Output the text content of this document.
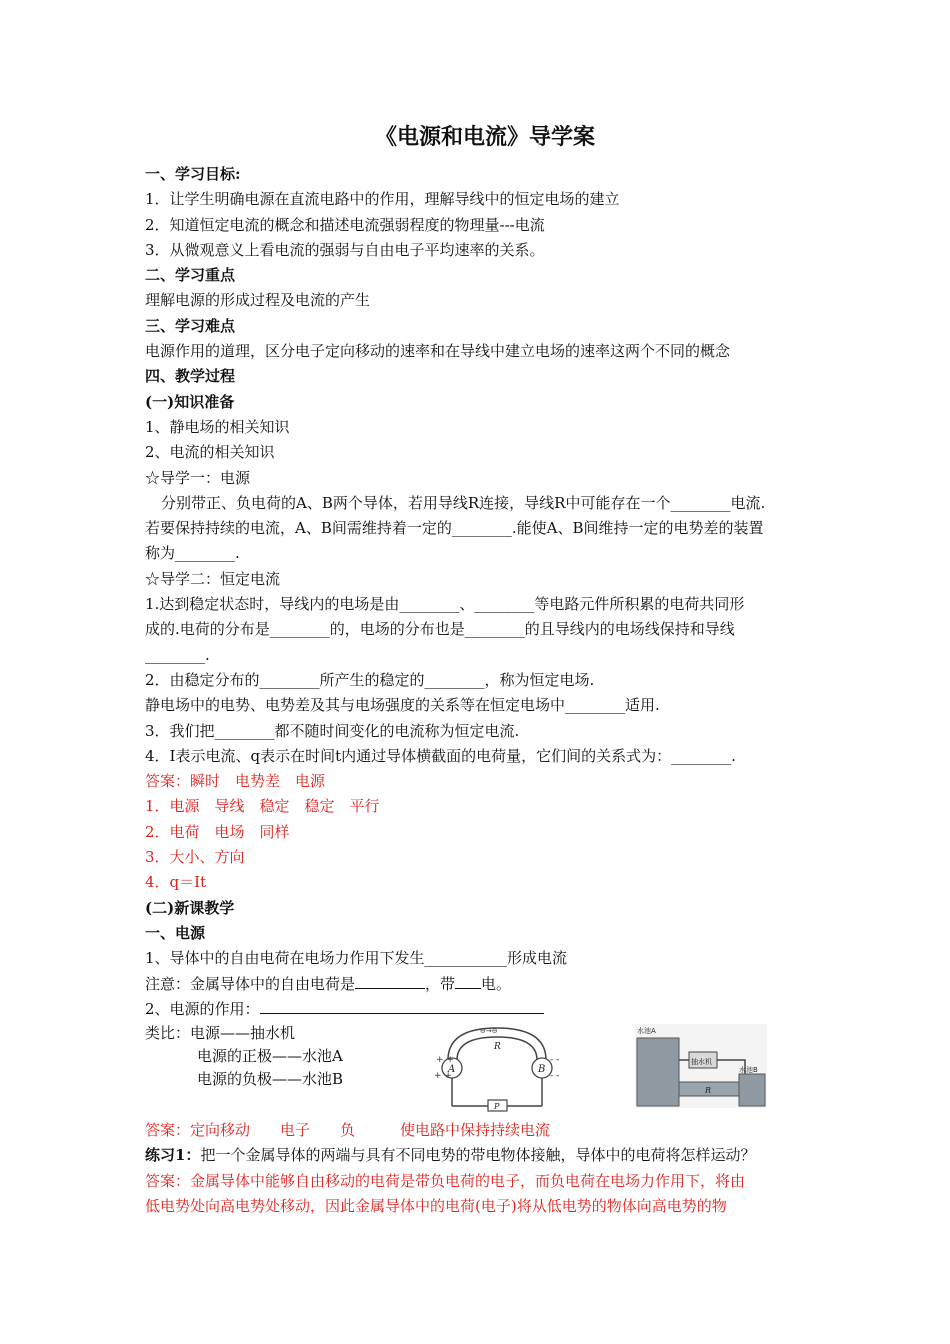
《电源和电流》导学案
一、学习目标:
1．让学生明确电源在直流电路中的作用，理解导线中的恒定电场的建立
2．知道恒定电流的概念和描述电流强弱程度的物理量---电流
3．从微观意义上看电流的强弱与自由电子平均速率的关系。
二、学习重点
理解电源的形成过程及电流的产生
三、学习难点
电源作用的道理，区分电子定向移动的速率和在导线中建立电场的速率这两个不同的概念
四、教学过程
(一)知识准备
1、静电场的相关知识
2、电流的相关知识
☆导学一：电源
分别带正、负电荷的A、B两个导体，若用导线R连接，导线R中可能存在一个________电流.
若要保持持续的电流，A、B间需维持着一定的________.能使A、B间维持一定的电势差的装置
称为________.
☆导学二：恒定电流
1.达到稳定状态时，导线内的电场是由________、________等电路元件所积累的电荷共同形
成的.电荷的分布是________的，电场的分布也是________的且导线内的电场线保持和导线
________.
2．由稳定分布的________所产生的稳定的________，称为恒定电场.
静电场中的电势、电势差及其与电场强度的关系等在恒定电场中________适用.
3．我们把________都不随时间变化的电流称为恒定电流.
4．I表示电流、q表示在时间t内通过导体横截面的电荷量，它们间的关系式为：________.
答案：瞬时　电势差　电源
1．电源　导线　稳定　稳定　平行
2．电荷　电场　同样
3．大小、方向
4．q＝It
(二)新课教学
一、电源
1、导体中的自由电荷在电场力作用下发生___________形成电流
注意：金属导体中的自由电荷是	，带 电。
2、电源的作用：
类比：电源——抽水机
电源的正极——水池A
电源的负极——水池B
+ +
+ +
- -
- -
⊖→⊖
A	B
R
P
水池A
抽水机
水池B
R
答案：定向移动　　电子　　负　　　使电路中保持持续电流
练习1：把一个金属导体的两端与具有不同电势的带电物体接触，导体中的电荷将怎样运动？
答案：金属导体中能够自由移动的电荷是带负电荷的电子，而负电荷在电场力作用下，将由
低电势处向高电势处移动，因此金属导体中的电荷(电子)将从低电势的物体向高电势的物
